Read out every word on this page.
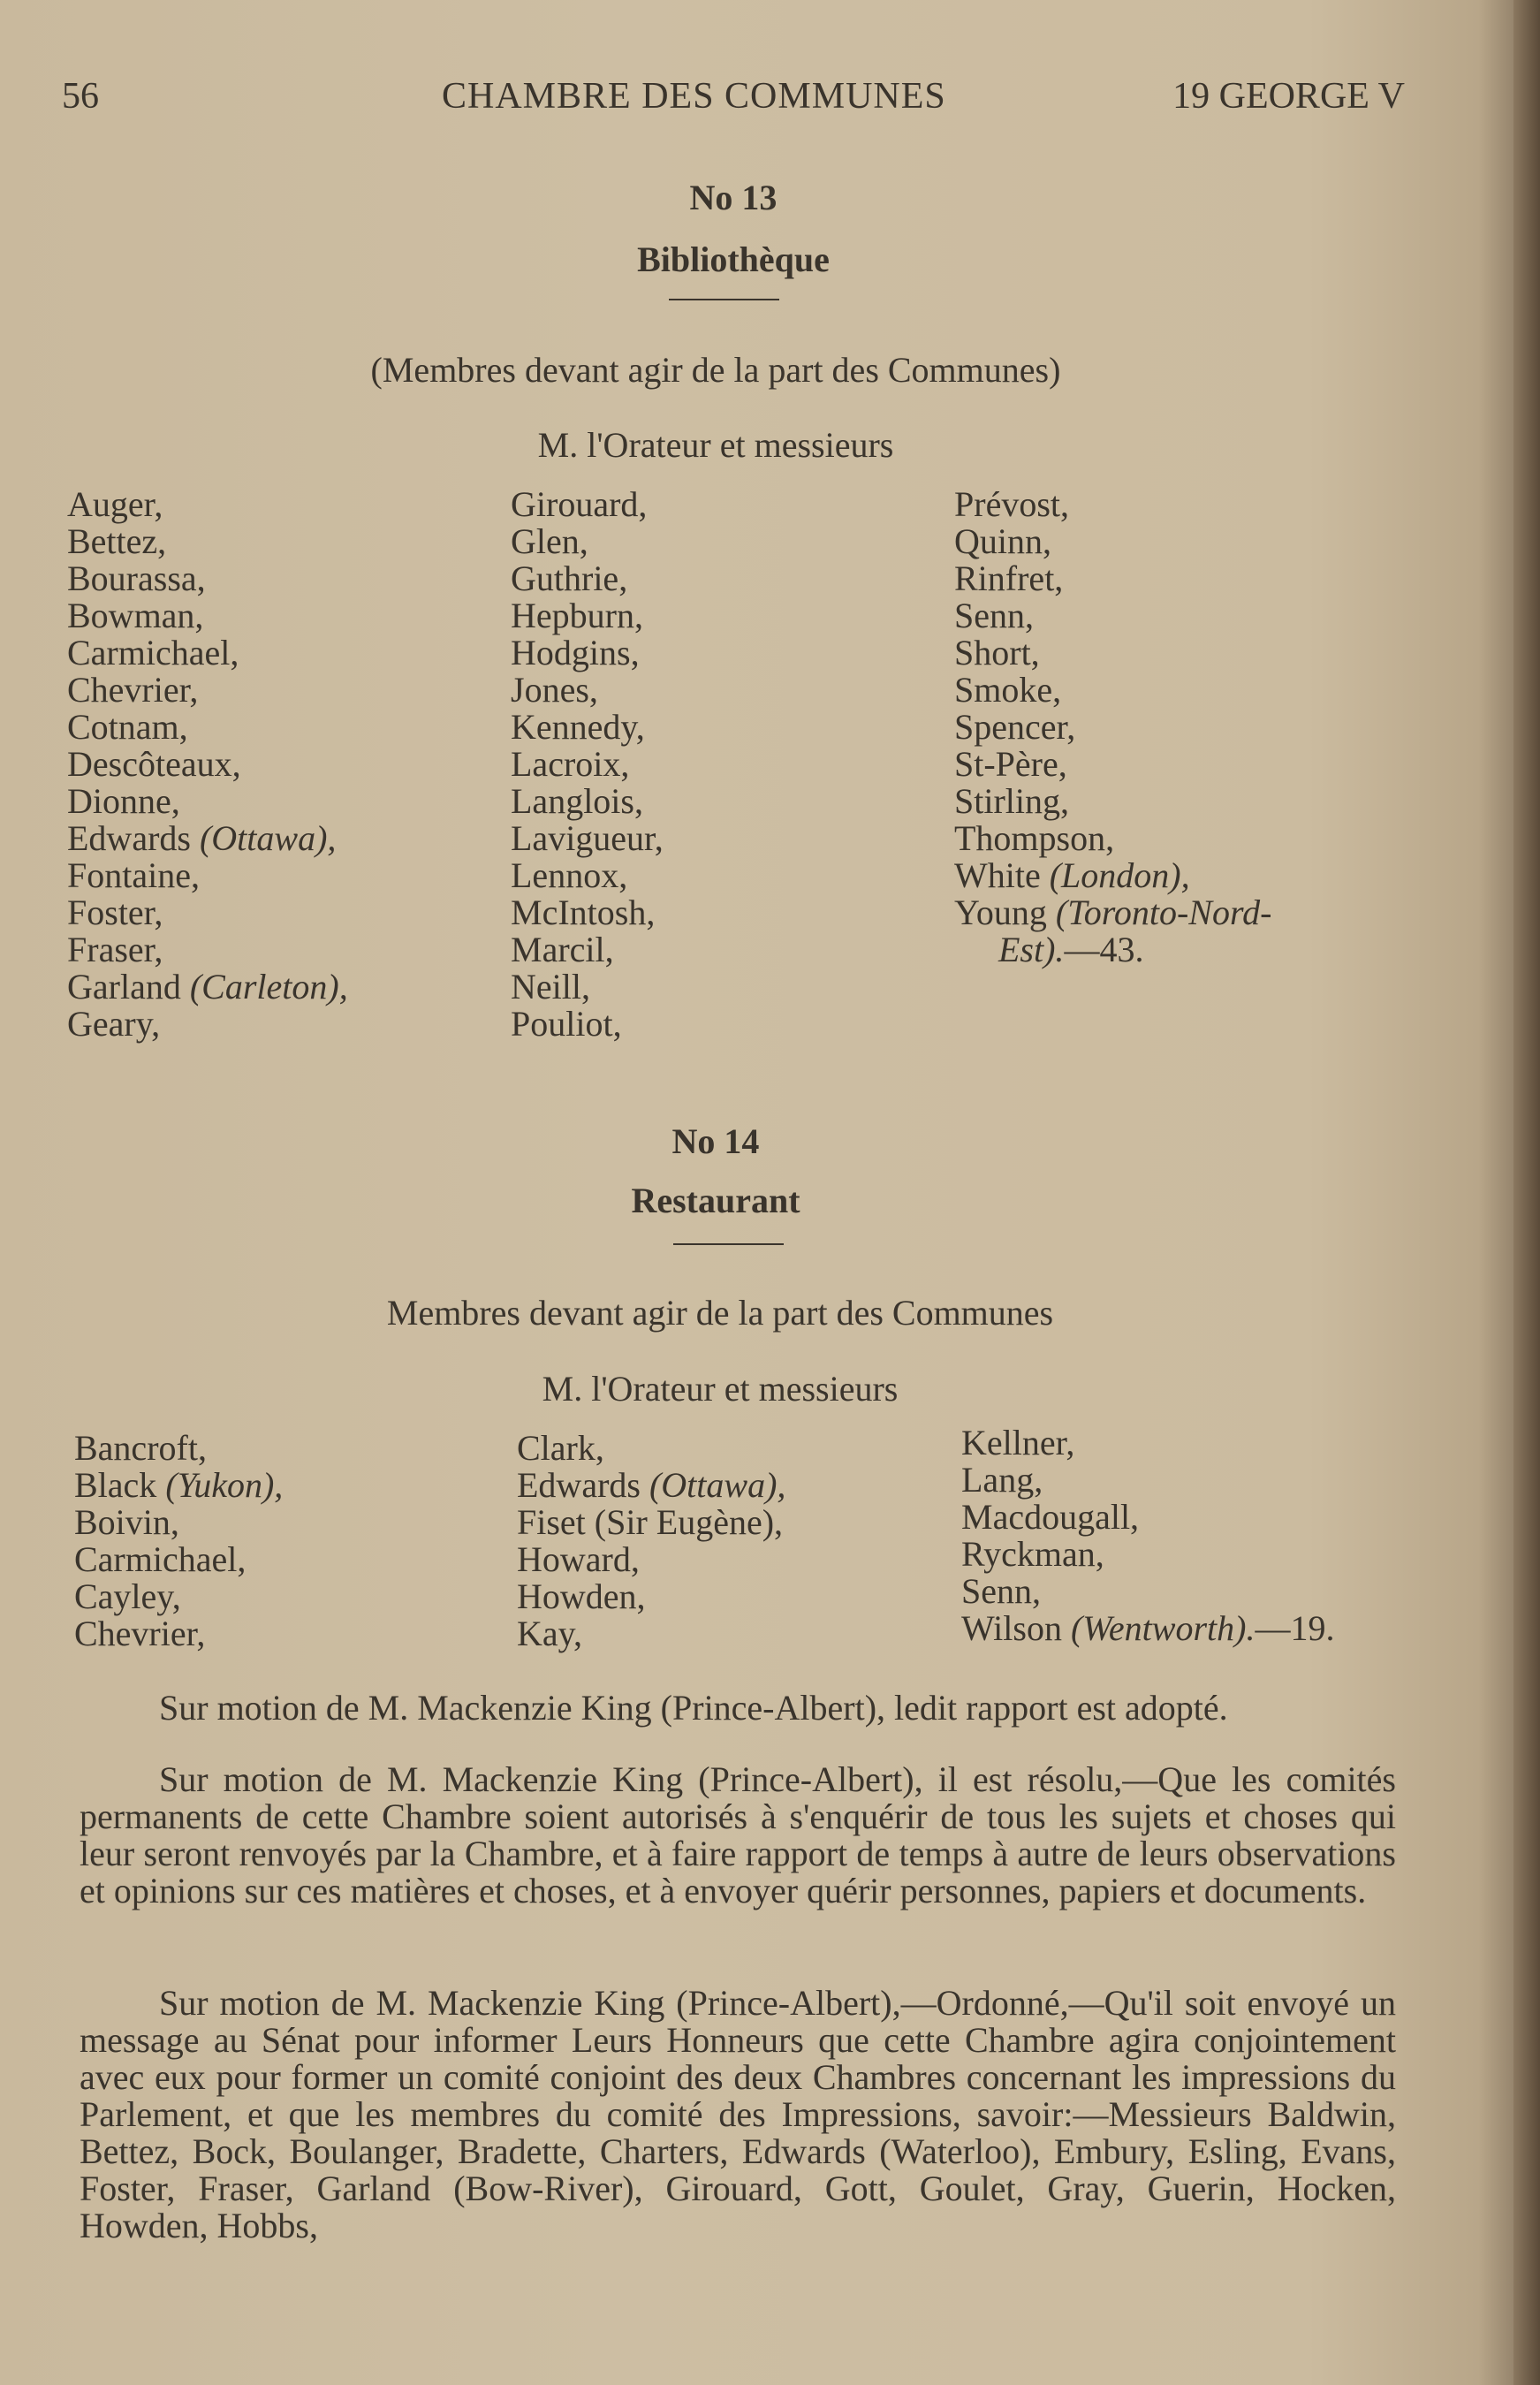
56	CHAMBRE DES COMMUNES	19 GEORGE V
No 13
Bibliothèque
(Membres devant agir de la part des Communes)
M. l'Orateur et messieurs
Auger,
Bettez,
Bourassa,
Bowman,
Carmichael,
Chevrier,
Cotnam,
Descôteaux,
Dionne,
Edwards (Ottawa),
Fontaine,
Foster,
Fraser,
Garland (Carleton),
Geary,
Girouard,
Glen,
Guthrie,
Hepburn,
Hodgins,
Jones,
Kennedy,
Lacroix,
Langlois,
Lavigueur,
Lennox,
McIntosh,
Marcil,
Neill,
Pouliot,
Prévost,
Quinn,
Rinfret,
Senn,
Short,
Smoke,
Spencer,
St-Père,
Stirling,
Thompson,
White (London),
Young (Toronto-Nord-
Est).—43.
No 14
Restaurant
Membres devant agir de la part des Communes
M. l'Orateur et messieurs
Bancroft,
Black (Yukon),
Boivin,
Carmichael,
Cayley,
Chevrier,
Clark,
Edwards (Ottawa),
Fiset (Sir Eugène),
Howard,
Howden,
Kay,
Kellner,
Lang,
Macdougall,
Ryckman,
Senn,
Wilson (Wentworth).—19.
Sur motion de M. Mackenzie King (Prince-Albert), ledit rapport est adopté.
Sur motion de M. Mackenzie King (Prince-Albert), il est résolu,—Que les comités permanents de cette Chambre soient autorisés à s'enquérir de tous les sujets et choses qui leur seront renvoyés par la Chambre, et à faire rapport de temps à autre de leurs observations et opinions sur ces matières et choses, et à envoyer quérir personnes, papiers et documents.
Sur motion de M. Mackenzie King (Prince-Albert),—Ordonné,—Qu'il soit envoyé un message au Sénat pour informer Leurs Honneurs que cette Chambre agira conjointement avec eux pour former un comité conjoint des deux Chambres concernant les impressions du Parlement, et que les membres du comité des Impressions, savoir:—Messieurs Baldwin, Bettez, Bock, Boulanger, Bradette, Charters, Edwards (Waterloo), Embury, Esling, Evans, Foster, Fraser, Garland (Bow-River), Girouard, Gott, Goulet, Gray, Guerin, Hocken, Howden, Hobbs,
